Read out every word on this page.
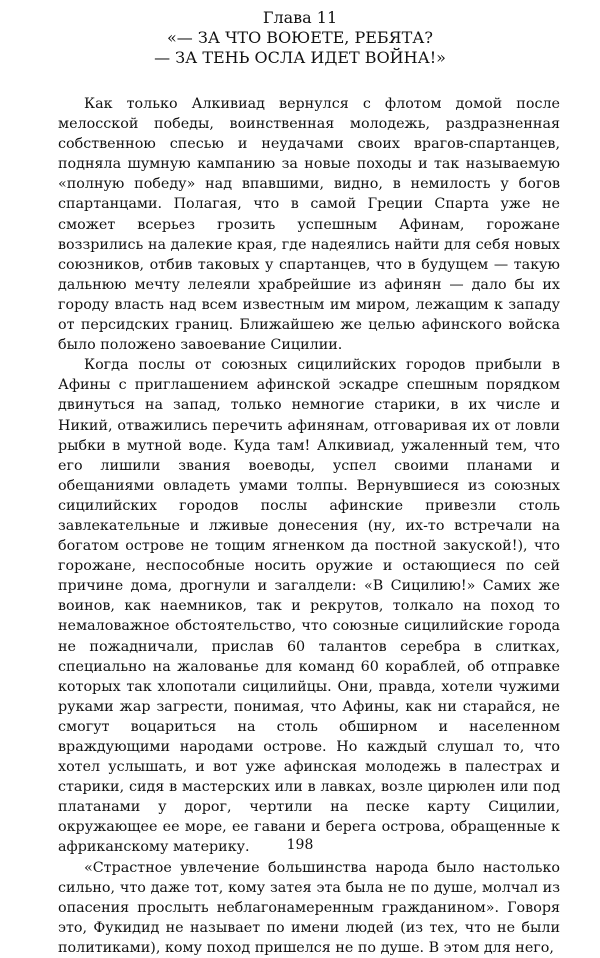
Глава 11
«— ЗА ЧТО ВОЮЕТЕ, РЕБЯТА?
— ЗА ТЕНЬ ОСЛА ИДЕТ ВОЙНА!»

Как только Алкивиад вернулся с флотом домой после мелосской победы, воинственная молодежь, раздразненная собственною спесью и неудачами своих врагов-спартанцев, подняла шумную кампанию за новые походы и так называемую «полную победу» над впавшими, видно, в немилость у богов спартанцами. Полагая, что в самой Греции Спарта уже не сможет всерьез грозить успешным Афинам, горожане воззрились на далекие края, где надеялись найти для себя новых союзников, отбив таковых у спартанцев, что в будущем — такую дальнюю мечту лелеяли храбрейшие из афинян — дало бы их городу власть над всем известным им миром, лежащим к западу от персидских границ. Ближайшею же целью афинского войска было положено завоевание Сицилии.

Когда послы от союзных сицилийских городов прибыли в Афины с приглашением афинской эскадре спешным порядком двинуться на запад, только немногие старики, в их числе и Никий, отважились перечить афинянам, отговаривая их от ловли рыбки в мутной воде. Куда там! Алкивиад, ужаленный тем, что его лишили звания воеводы, успел своими планами и обещаниями овладеть умами толпы. Вернувшиеся из союзных сицилийских городов послы афинские привезли столь завлекательные и лживые донесения (ну, их-то встречали на богатом острове не тощим ягненком да постной закуской!), что горожане, неспособные носить оружие и остающиеся по сей причине дома, дрогнули и загалдели: «В Сицилию!» Самих же воинов, как наемников, так и рекрутов, толкало на поход то немаловажное обстоятельство, что союзные сицилийские города не пожадничали, прислав 60 талантов серебра в слитках, специально на жалованье для команд 60 кораблей, об отправке которых так хлопотали сицилийцы. Они, правда, хотели чужими руками жар загрести, понимая, что Афины, как ни старайся, не смогут воцариться на столь обширном и населенном враждующими народами острове. Но каждый слушал то, что хотел услышать, и вот уже афинская молодежь в палестрах и старики, сидя в мастерских или в лавках, возле цирюлен или под платанами у дорог, чертили на песке карту Сицилии, окружающее ее море, ее гавани и берега острова, обращенные к африканскому материку.

«Страстное увлечение большинства народа было настолько сильно, что даже тот, кому затея эта была не по душе, молчал из опасения прослыть неблагонамеренным гражданином». Говоря это, Фукидид не называет по имени людей (из тех, что не были политиками), кому поход пришелся не по душе. В этом для него,

198
